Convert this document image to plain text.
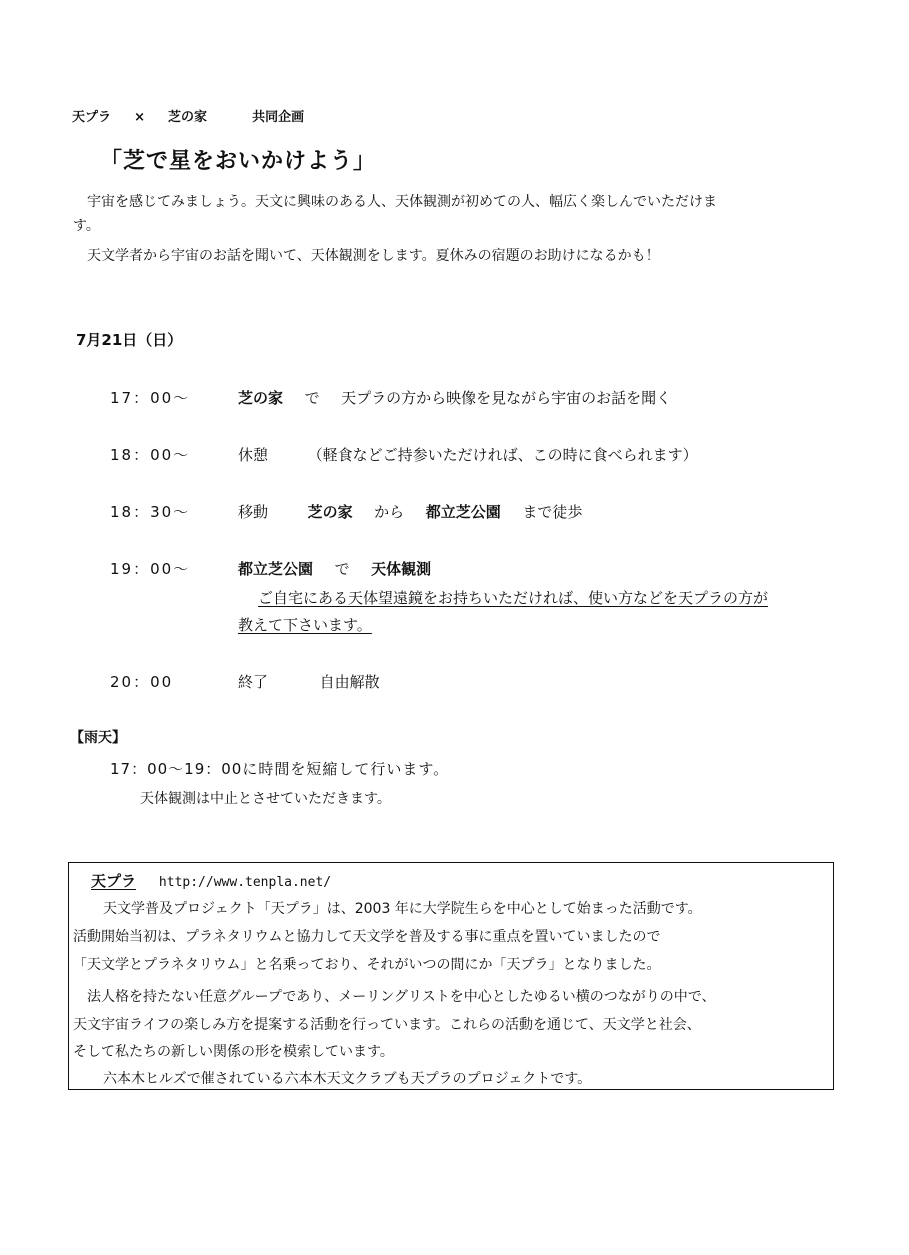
天プラ × 芝の家	共同企画
「芝で星をおいかけよう」
宇宙を感じてみましょう。天文に興味のある人、天体観測が初めての人、幅広く楽しんでいただけま
す。
天文学者から宇宙のお話を聞いて、天体観測をします。夏休みの宿題のお助けになるかも！
7月21日（日）
17：00～	芝の家 で 天プラの方から映像を見ながら宇宙のお話を聞く
18：00～	休憩	（軽食などご持参いただければ、この時に食べられます）
18：30～	移動	芝の家 から 都立芝公園 まで徒歩
19：00～	都立芝公園 で 天体観測
ご自宅にある天体望遠鏡をお持ちいただければ、使い方などを天プラの方が
教えて下さいます。
20：00	終了	自由解散
【雨天】
17：00～19：00に時間を短縮して行います。
天体観測は中止とさせていただきます。
天プラ http://www.tenpla.net/
天文学普及プロジェクト「天プラ」は、2003 年に大学院生らを中心として始まった活動です。
活動開始当初は、プラネタリウムと協力して天文学を普及する事に重点を置いていましたので
「天文学とプラネタリウム」と名乗っており、それがいつの間にか「天プラ」となりました。
法人格を持たない任意グループであり、メーリングリストを中心としたゆるい横のつながりの中で、
天文宇宙ライフの楽しみ方を提案する活動を行っています。これらの活動を通じて、天文学と社会、
そして私たちの新しい関係の形を模索しています。
六本木ヒルズで催されている六本木天文クラブも天プラのプロジェクトです。
